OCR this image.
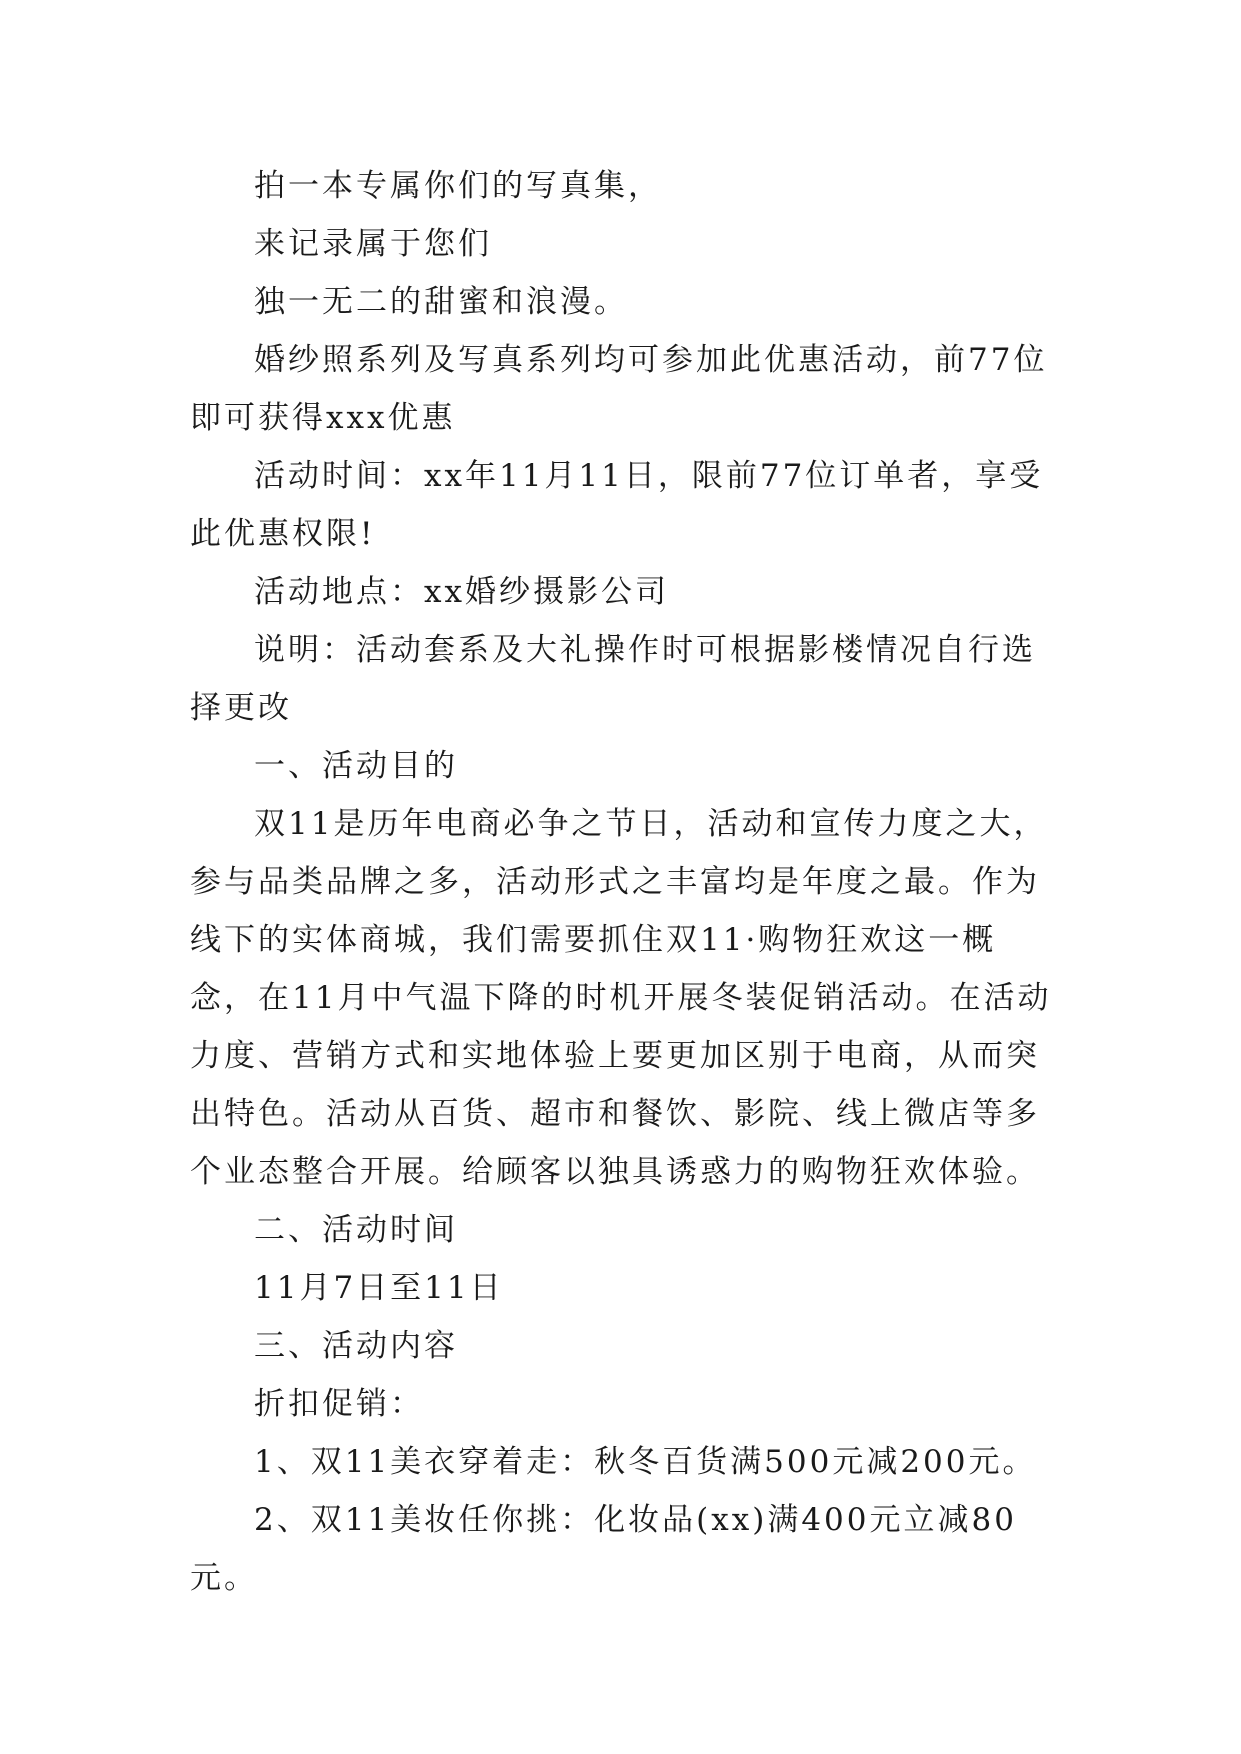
拍一本专属你们的写真集，

来记录属于您们

独一无二的甜蜜和浪漫。

婚纱照系列及写真系列均可参加此优惠活动，前77位即可获得xxx优惠

活动时间：xx年11月11日，限前77位订单者，享受此优惠权限!

活动地点：xx婚纱摄影公司

说明：活动套系及大礼操作时可根据影楼情况自行选择更改

一、活动目的

双11是历年电商必争之节日，活动和宣传力度之大，参与品类品牌之多，活动形式之丰富均是年度之最。作为线下的实体商城，我们需要抓住双11·购物狂欢这一概念，在11月中气温下降的时机开展冬装促销活动。在活动力度、营销方式和实地体验上要更加区别于电商，从而突出特色。活动从百货、超市和餐饮、影院、线上微店等多个业态整合开展。给顾客以独具诱惑力的购物狂欢体验。

二、活动时间

11月7日至11日

三、活动内容

折扣促销：

1、双11美衣穿着走：秋冬百货满500元减200元。

2、双11美妆任你挑：化妆品(xx)满400元立减80元。
